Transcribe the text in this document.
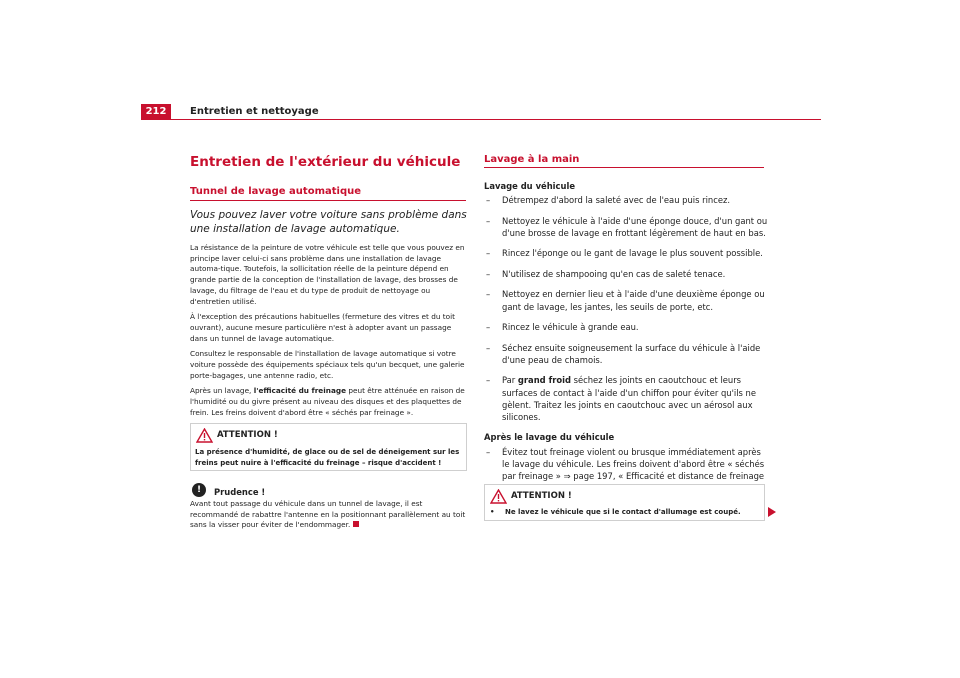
212	Entretien et nettoyage
Entretien de l'extérieur du véhicule
Tunnel de lavage automatique
Vous pouvez laver votre voiture sans problème dans une installation de lavage automatique.

La résistance de la peinture de votre véhicule est telle que vous pouvez en principe laver celui-ci sans problème dans une installation de lavage automa-tique. Toutefois, la sollicitation réelle de la peinture dépend en grande partie de la conception de l'installation de lavage, des brosses de lavage, du filtrage de l'eau et du type de produit de nettoyage ou d'entretien utilisé.

À l'exception des précautions habituelles (fermeture des vitres et du toit ouvrant), aucune mesure particulière n'est à adopter avant un passage dans un tunnel de lavage automatique.

Consultez le responsable de l'installation de lavage automatique si votre voiture possède des équipements spéciaux tels qu'un becquet, une galerie porte-bagages, une antenne radio, etc.

Après un lavage, l'efficacité du freinage peut être atténuée en raison de l'humidité ou du givre présent au niveau des disques et des plaquettes de frein. Les freins doivent d'abord être « séchés par freinage ».

ATTENTION !
La présence d'humidité, de glace ou de sel de déneigement sur les freins peut nuire à l'efficacité du freinage – risque d'accident !
!	Prudence !
Avant tout passage du véhicule dans un tunnel de lavage, il est recommandé de rabattre l'antenne en la positionnant parallèlement au toit sans la visser pour éviter de l'endommager.
Lavage à la main
Lavage du véhicule
– Détrempez d'abord la saleté avec de l'eau puis rincez.
– Nettoyez le véhicule à l'aide d'une éponge douce, d'un gant ou d'une brosse de lavage en frottant légèrement de haut en bas.
– Rincez l'éponge ou le gant de lavage le plus souvent possible.
– N'utilisez de shampooing qu'en cas de saleté tenace.
– Nettoyez en dernier lieu et à l'aide d'une deuxième éponge ou gant de lavage, les jantes, les seuils de porte, etc.
– Rincez le véhicule à grande eau.
– Séchez ensuite soigneusement la surface du véhicule à l'aide d'une peau de chamois.
– Par grand froid séchez les joints en caoutchouc et leurs surfaces de contact à l'aide d'un chiffon pour éviter qu'ils ne gèlent. Traitez les joints en caoutchouc avec un aérosol aux silicones.
Après le lavage du véhicule
– Évitez tout freinage violent ou brusque immédiatement après le lavage du véhicule. Les freins doivent d'abord être « séchés par freinage » ⇒ page 197, « Efficacité et distance de freinage
ATTENTION !
• Ne lavez le véhicule que si le contact d'allumage est coupé.
